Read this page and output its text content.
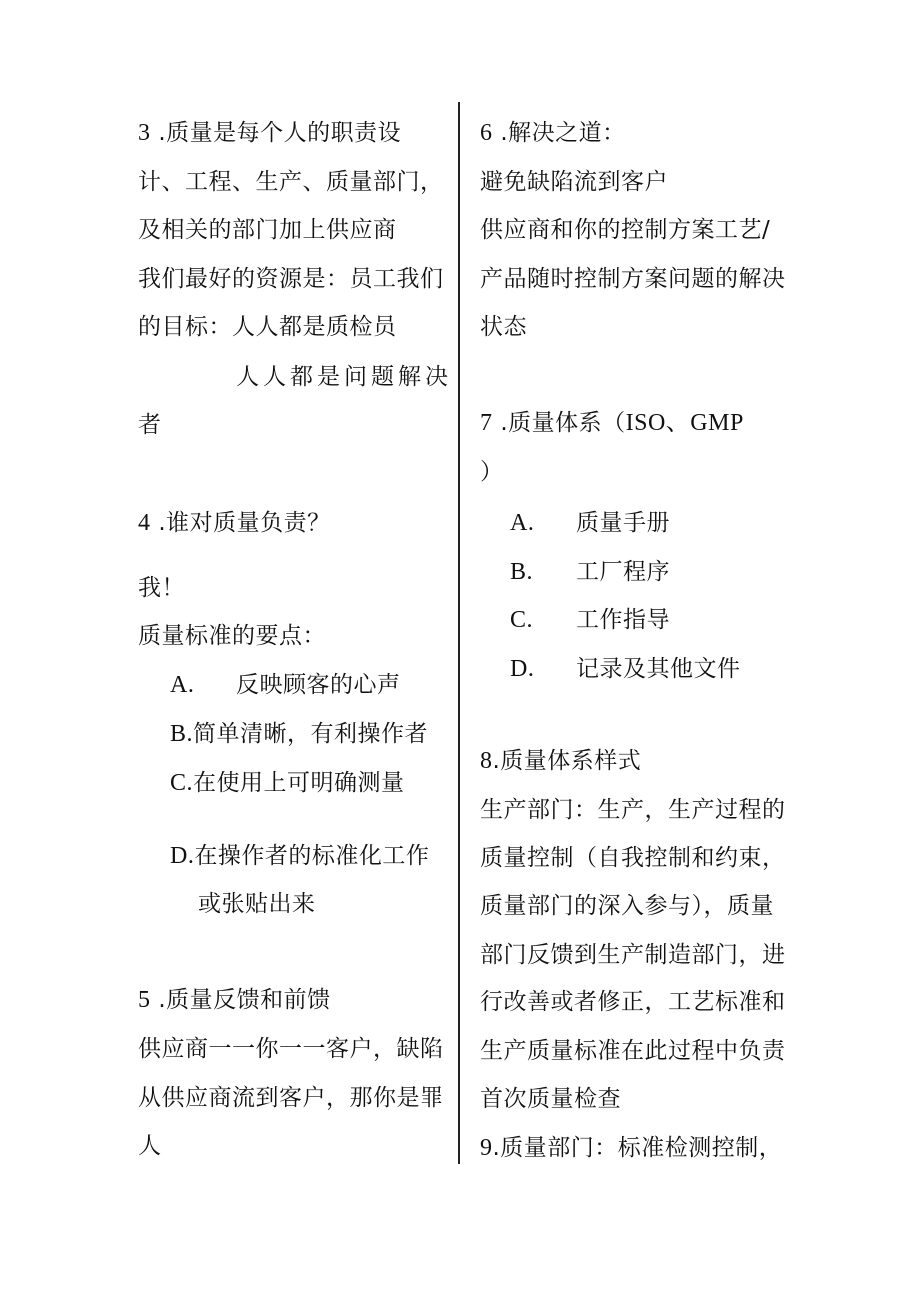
3 .质量是每个人的职责设
计、工程、生产、质量部门，
及相关的部门加上供应商
我们最好的资源是：员工我们
的目标：人人都是质检员
人人都是问题解决
者
4 .谁对质量负责？
我！
质量标准的要点：
A. 反映顾客的心声
B.简单清晰，有利操作者
C.在使用上可明确测量
D.在操作者的标准化工作
或张贴出来
5 .质量反馈和前馈
供应商一一你一一客户，缺陷
从供应商流到客户，那你是罪
人
6 .解决之道：
避免缺陷流到客户
供应商和你的控制方案工艺/
产品随时控制方案问题的解决
状态
7 .质量体系（ISO、GMP
）
A. 质量手册
B. 工厂程序
C. 工作指导
D. 记录及其他文件
8.质量体系样式
生产部门：生产，生产过程的
质量控制（自我控制和约束，
质量部门的深入参与），质量
部门反馈到生产制造部门，进
行改善或者修正，工艺标准和
生产质量标准在此过程中负责
首次质量检查
9.质量部门：标准检测控制，
